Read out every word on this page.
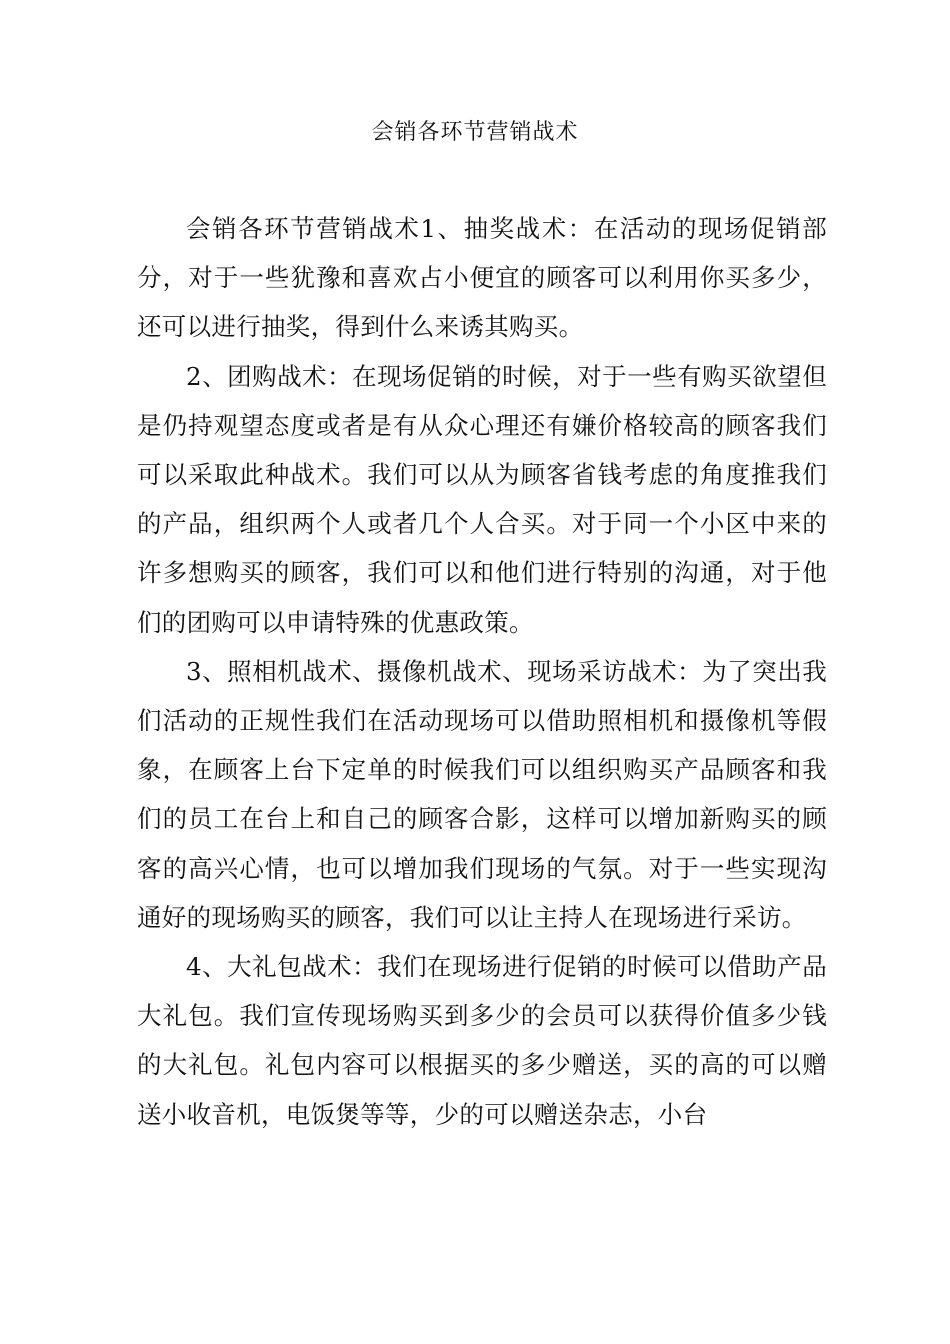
会销各环节营销战术

会销各环节营销战术1、抽奖战术：在活动的现场促销部分，对于一些犹豫和喜欢占小便宜的顾客可以利用你买多少，还可以进行抽奖，得到什么来诱其购买。

2、团购战术：在现场促销的时候，对于一些有购买欲望但是仍持观望态度或者是有从众心理还有嫌价格较高的顾客我们可以采取此种战术。我们可以从为顾客省钱考虑的角度推我们的产品，组织两个人或者几个人合买。对于同一个小区中来的许多想购买的顾客，我们可以和他们进行特别的沟通，对于他们的团购可以申请特殊的优惠政策。

3、照相机战术、摄像机战术、现场采访战术：为了突出我们活动的正规性我们在活动现场可以借助照相机和摄像机等假象，在顾客上台下定单的时候我们可以组织购买产品顾客和我们的员工在台上和自己的顾客合影，这样可以增加新购买的顾客的高兴心情，也可以增加我们现场的气氛。对于一些实现沟通好的现场购买的顾客，我们可以让主持人在现场进行采访。

4、大礼包战术：我们在现场进行促销的时候可以借助产品大礼包。我们宣传现场购买到多少的会员可以获得价值多少钱的大礼包。礼包内容可以根据买的多少赠送，买的高的可以赠送小收音机，电饭煲等等，少的可以赠送杂志，小台
